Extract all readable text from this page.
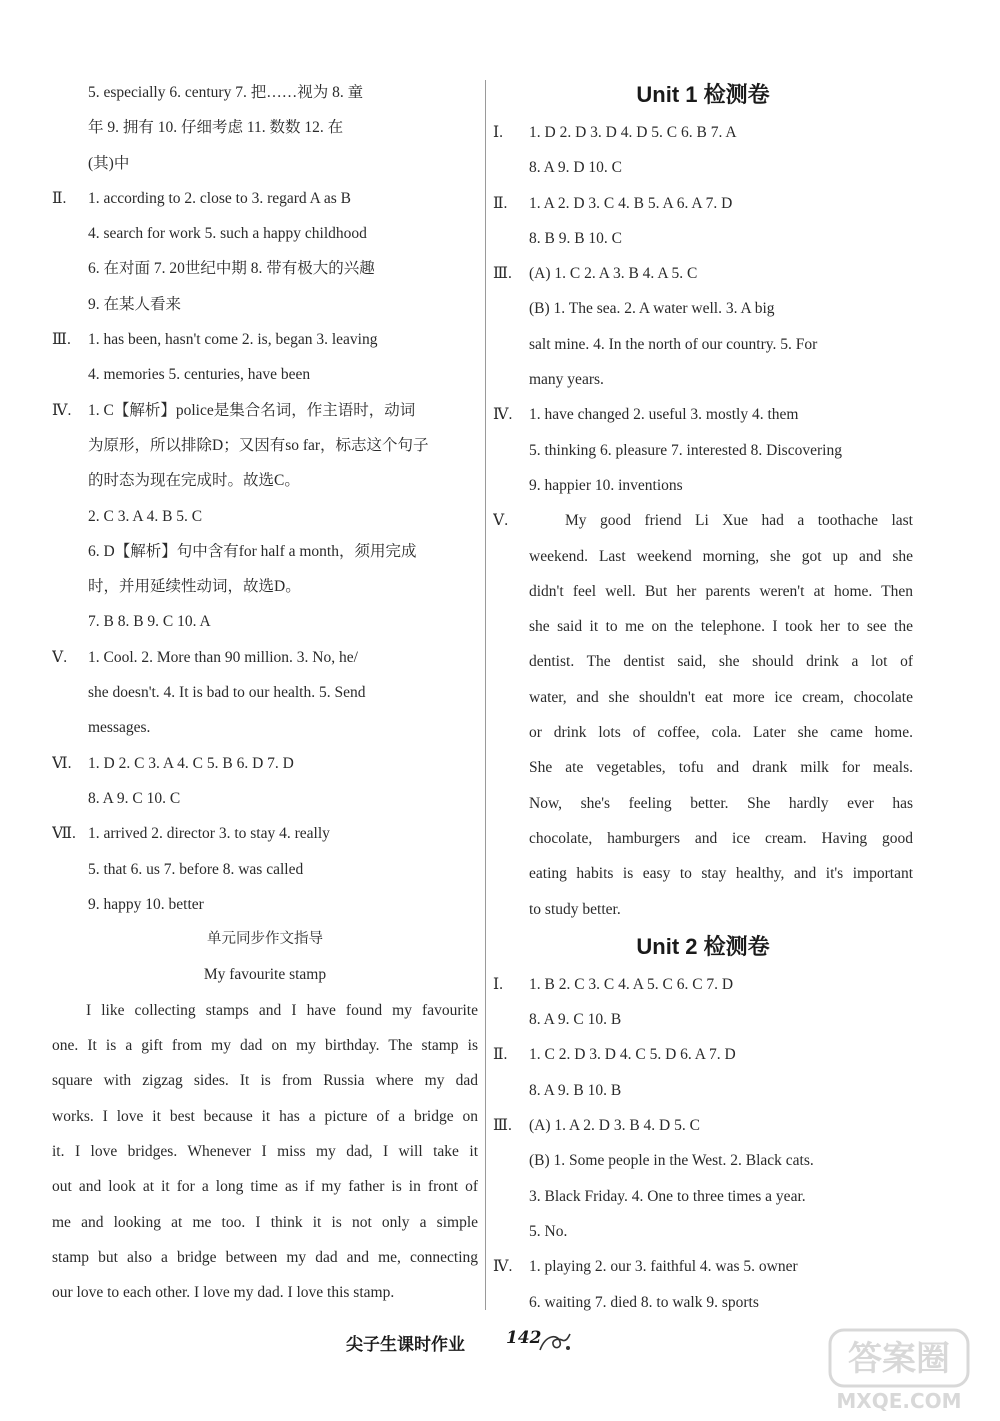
5. especially 6. century 7. 把……视为 8. 童
年 9. 拥有 10. 仔细考虑 11. 数数 12. 在
(其)中
Ⅱ. 1. according to 2. close to 3. regard A as B
4. search for work 5. such a happy childhood
6. 在对面 7. 20世纪中期 8. 带有极大的兴趣
9. 在某人看来
Ⅲ. 1. has been, hasn't come 2. is, began 3. leaving
4. memories 5. centuries, have been
Ⅳ. 1. C【解析】police是集合名词，作主语时，动词
为原形，所以排除D；又因有so far，标志这个句子
的时态为现在完成时。故选C。
2. C 3. A 4. B 5. C
6. D【解析】句中含有for half a month，须用完成
时，并用延续性动词，故选D。
7. B 8. B 9. C 10. A
Ⅴ. 1. Cool. 2. More than 90 million. 3. No, he/
she doesn't. 4. It is bad to our health. 5. Send
messages.
Ⅵ. 1. D 2. C 3. A 4. C 5. B 6. D 7. D
8. A 9. C 10. C
Ⅶ. 1. arrived 2. director 3. to stay 4. really
5. that 6. us 7. before 8. was called
9. happy 10. better
单元同步作文指导
My favourite stamp
I like collecting stamps and I have found my favourite
one. It is a gift from my dad on my birthday. The stamp is
square with zigzag sides. It is from Russia where my dad
works. I love it best because it has a picture of a bridge on
it. I love bridges. Whenever I miss my dad, I will take it
out and look at it for a long time as if my father is in front of
me and looking at me too. I think it is not only a simple
stamp but also a bridge between my dad and me, connecting
our love to each other. I love my dad. I love this stamp.
Unit 1 检测卷
Ⅰ. 1. D 2. D 3. D 4. D 5. C 6. B 7. A
8. A 9. D 10. C
Ⅱ. 1. A 2. D 3. C 4. B 5. A 6. A 7. D
8. B 9. B 10. C
Ⅲ. (A) 1. C 2. A 3. B 4. A 5. C
(B) 1. The sea. 2. A water well. 3. A big
salt mine. 4. In the north of our country. 5. For
many years.
Ⅳ. 1. have changed 2. useful 3. mostly 4. them
5. thinking 6. pleasure 7. interested 8. Discovering
9. happier 10. inventions
Ⅴ.	My good friend Li Xue had a toothache last
weekend. Last weekend morning, she got up and she
didn't feel well. But her parents weren't at home. Then
she said it to me on the telephone. I took her to see the
dentist. The dentist said, she should drink a lot of
water, and she shouldn't eat more ice cream, chocolate
or drink lots of coffee, cola. Later she came home.
She ate vegetables, tofu and drank milk for meals.
Now, she's feeling better. She hardly ever has
chocolate, hamburgers and ice cream. Having good
eating habits is easy to stay healthy, and it's important
to study better.
Unit 2 检测卷
Ⅰ. 1. B 2. C 3. C 4. A 5. C 6. C 7. D
8. A 9. C 10. B
Ⅱ. 1. C 2. D 3. D 4. C 5. D 6. A 7. D
8. A 9. B 10. B
Ⅲ. (A) 1. A 2. D 3. B 4. D 5. C
(B) 1. Some people in the West. 2. Black cats.
3. Black Friday. 4. One to three times a year.
5. No.
Ⅳ. 1. playing 2. our 3. faithful 4. was 5. owner
6. waiting 7. died 8. to walk 9. sports
尖子生课时作业 142
答案圈
MXQE.COM
